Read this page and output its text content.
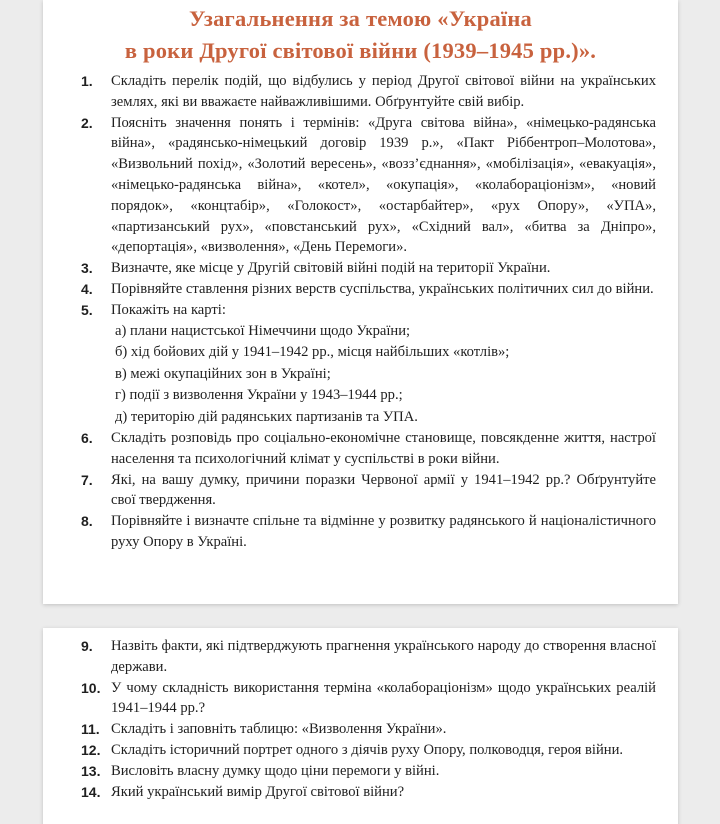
Узагальнення за темою «Україна
в роки Другої світової війни (1939–1945 рр.)».
1. Складіть перелік подій, що відбулись у період Другої світової війни на українських землях, які ви вважаєте найважливішими. Обґрунтуйте свій вибір.
2. Поясніть значення понять і термінів: «Друга світова війна», «німецько-радянська війна», «радянсько-німецький договір 1939 р.», «Пакт Ріббентроп–Молотова», «Визвольний похід», «Золотий вересень», «возз’єднання», «мобілізація», «евакуація», «німецько-радянська війна», «котел», «окупація», «колабораціонізм», «новий порядок», «концтабір», «Голокост», «остарбайтер», «рух Опору», «УПА», «партизанський рух», «повстанський рух», «Східний вал», «битва за Дніпро», «депортація», «визволення», «День Перемоги».
3. Визначте, яке місце у Другій світовій війні подій на території України.
4. Порівняйте ставлення різних верств суспільства, українських політичних сил до війни.
5. Покажіть на карті:
а) плани нацистської Німеччини щодо України;
б) хід бойових дій у 1941–1942 рр., місця найбільших «котлів»;
в) межі окупаційних зон в Україні;
г) події з визволення України у 1943–1944 рр.;
д) територію дій радянських партизанів та УПА.
6. Складіть розповідь про соціально-економічне становище, повсякденне життя, настрої населення та психологічний клімат у суспільстві в роки війни.
7. Які, на вашу думку, причини поразки Червоної армії у 1941–1942 рр.? Обґрунтуйте свої твердження.
8. Порівняйте і визначте спільне та відмінне у розвитку радянського й націоналістичного руху Опору в Україні.
9. Назвіть факти, які підтверджують прагнення українського народу до створення власної держави.
10. У чому складність використання терміна «колабораціонізм» щодо українських реалій 1941–1944 рр.?
11. Складіть і заповніть таблицю: «Визволення України».
12. Складіть історичний портрет одного з діячів руху Опору, полководця, героя війни.
13. Висловіть власну думку щодо ціни перемоги у війні.
14. Який український вимір Другої світової війни?
